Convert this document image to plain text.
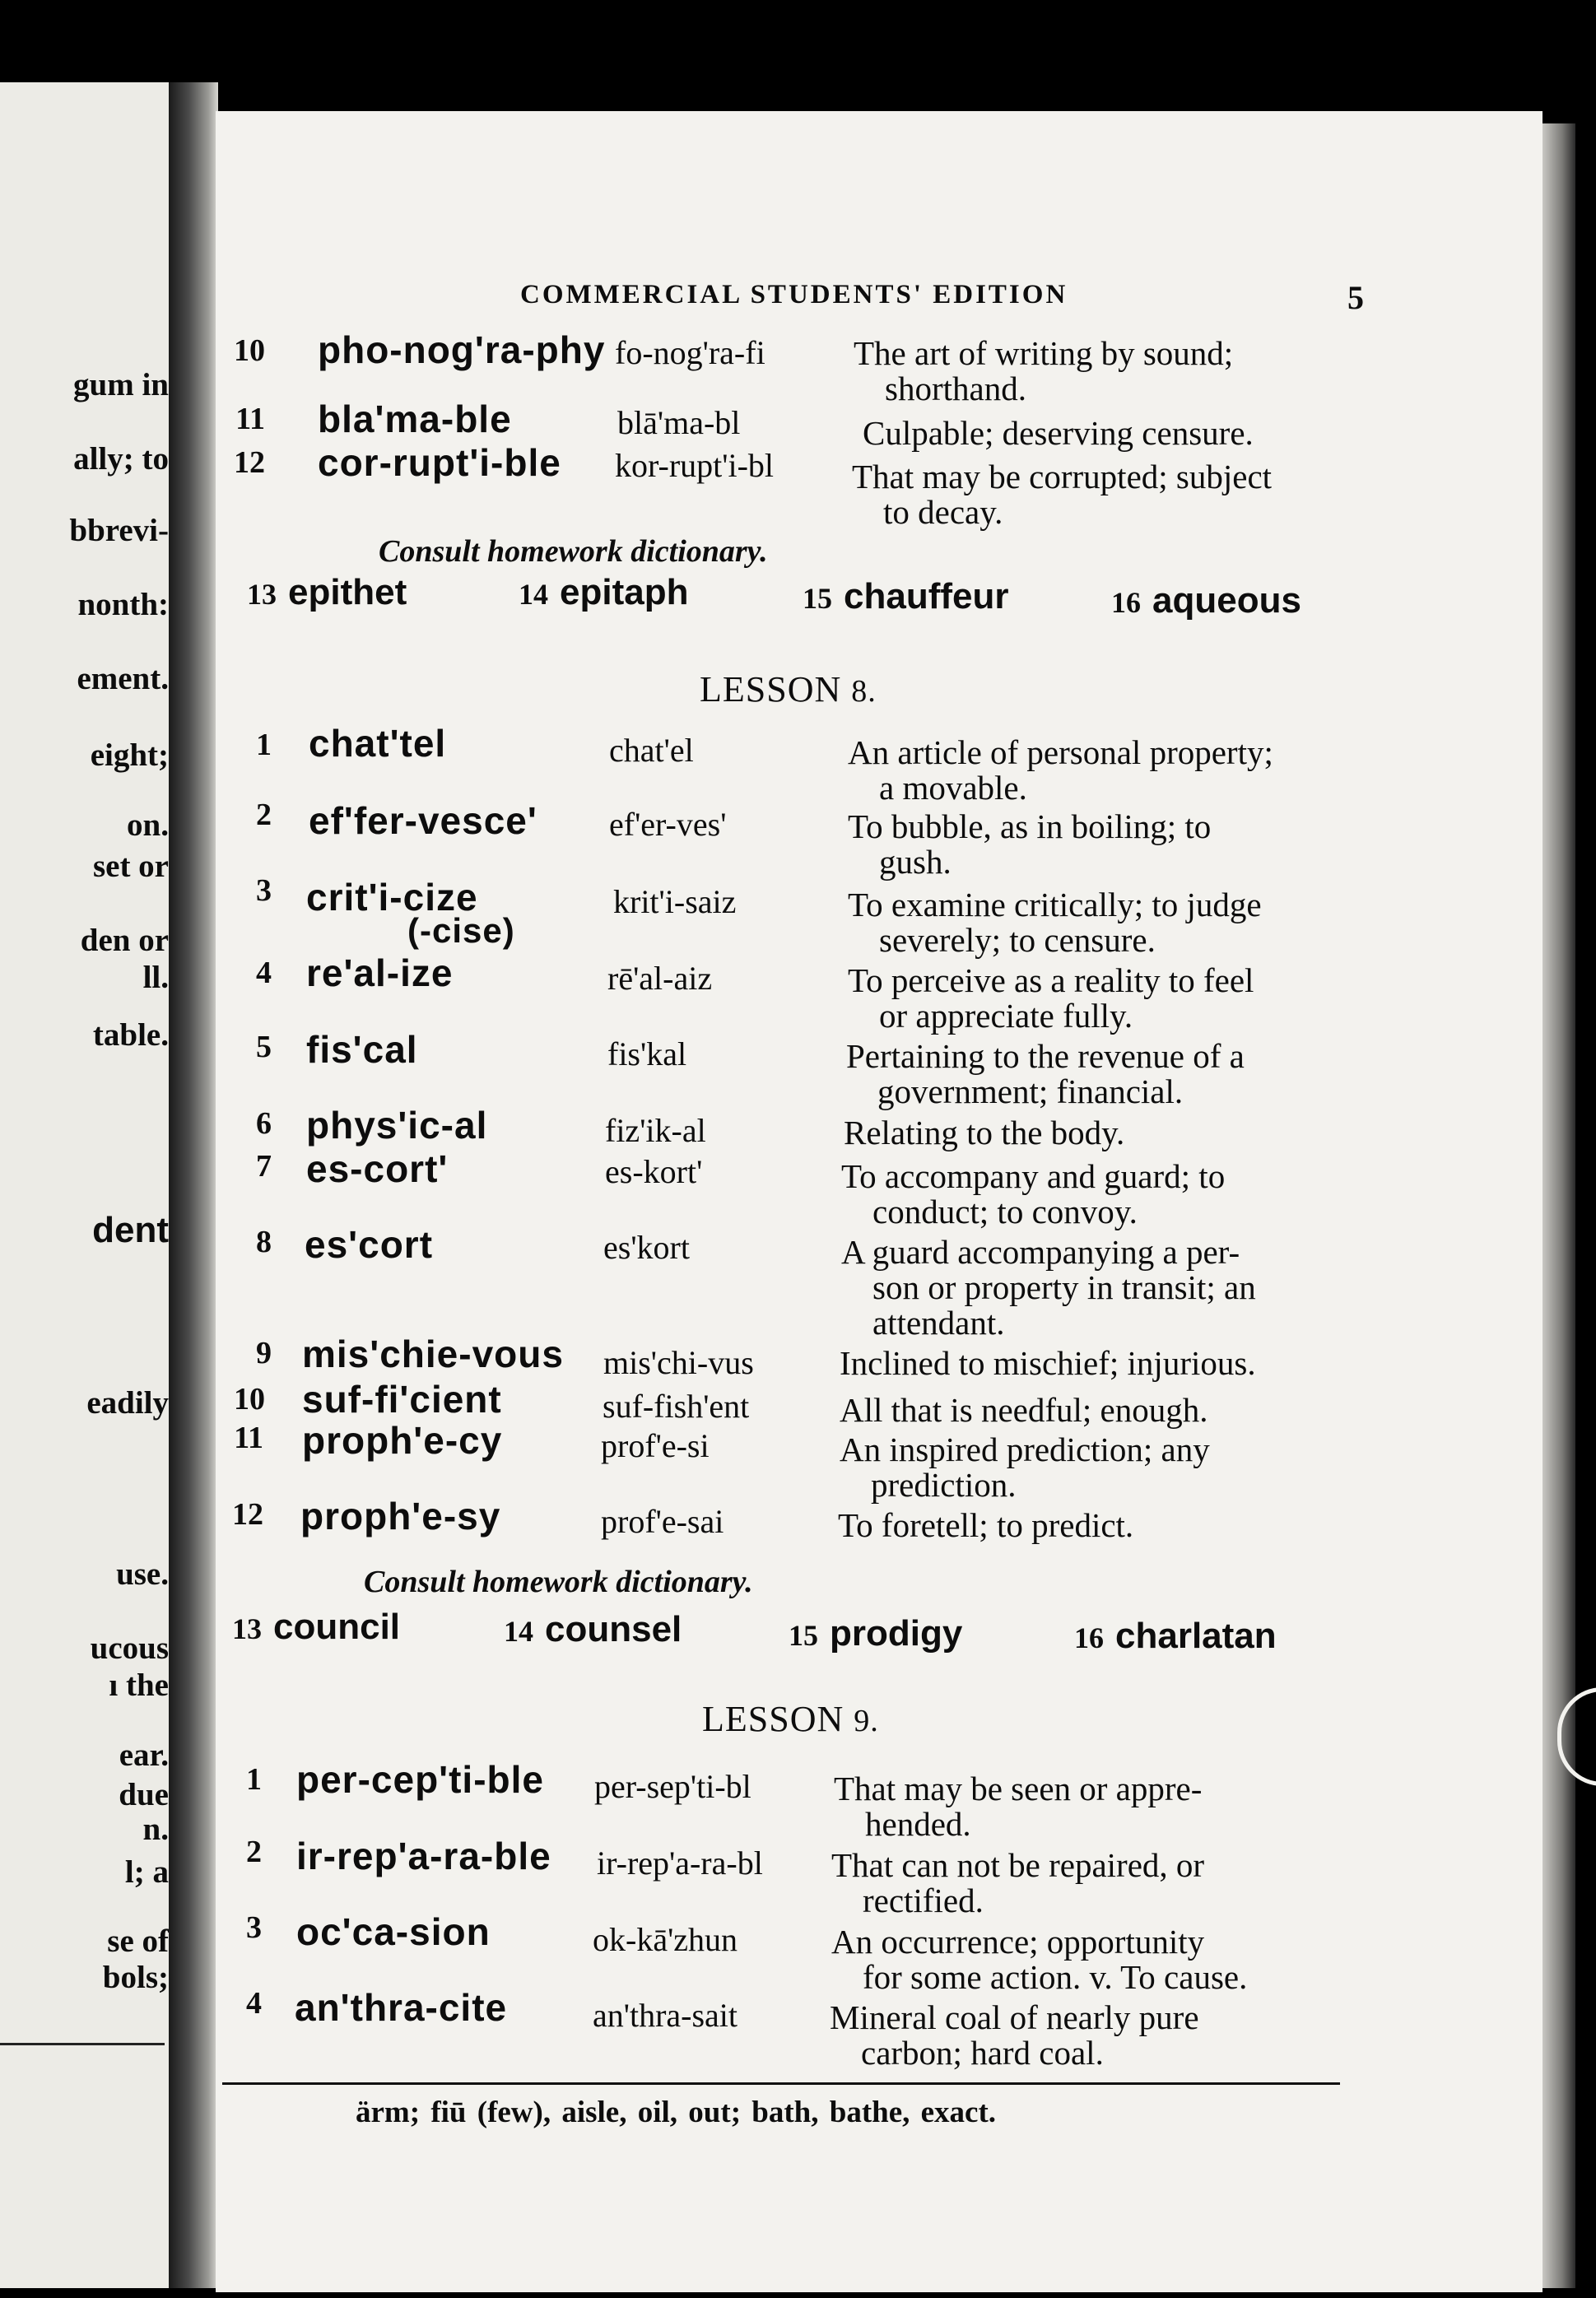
gum in
ally; to
bbrevi-
nonth:
ement.
eight;
on.
set or
den or
ll.
table.
dent
eadily
use.
ucous
ı the
ear.
due
n.
l; a
se of
bols;
COMMERCIAL STUDENTS' EDITION	5
10 pho-nog'ra-phy fo-nog'ra-fi	The art of writing by sound;
shorthand.
11 bla'ma-ble	blā'ma-bl	Culpable; deserving censure.
12 cor-rupt'i-ble kor-rupt'i-bl That may be corrupted; subject
to decay.
Consult homework dictionary.
13 epithet	14 epitaph	15 chauffeur	16 aqueous
LESSON 8.
1 chat'tel	chat'el	An article of personal property;
a movable.
2 ef'fer-vesce' ef'er-ves'	To bubble, as in boiling; to
gush.
3 crit'i-cize
(-cise)
krit'i-saiz	To examine critically; to judge
severely; to censure.
4 re'al-ize	rē'al-aiz	To perceive as a reality to feel
or appreciate fully.
5 fis'cal	fis'kal	Pertaining to the revenue of a
government; financial.
6 phys'ic-al	fiz'ik-al	Relating to the body.
7 es-cort'	es-kort'	To accompany and guard; to
conduct; to convoy.
8 es'cort	es'kort	A guard accompanying a per-
son or property in transit; an
attendant.
9 mis'chie-vous mis'chi-vus	Inclined to mischief; injurious.
10 suf-fi'cient	suf-fish'ent	All that is needful; enough.
11 proph'e-cy	prof'e-si	An inspired prediction; any
prediction.
12 proph'e-sy	prof'e-sai	To foretell; to predict.
Consult homework dictionary.
13 council	14 counsel	15 prodigy	16 charlatan
LESSON 9.
1 per-cep'ti-ble per-sep'ti-bl That may be seen or appre-
hended.
2 ir-rep'a-ra-ble ir-rep'a-ra-bl That can not be repaired, or
rectified.
3 oc'ca-sion	ok-kā'zhun	An occurrence; opportunity
for some action. v. To cause.
4 an'thra-cite	an'thra-sait	Mineral coal of nearly pure
carbon; hard coal.
ärm; fiū (few), aisle, oil, out; bath, bathe, exact.
